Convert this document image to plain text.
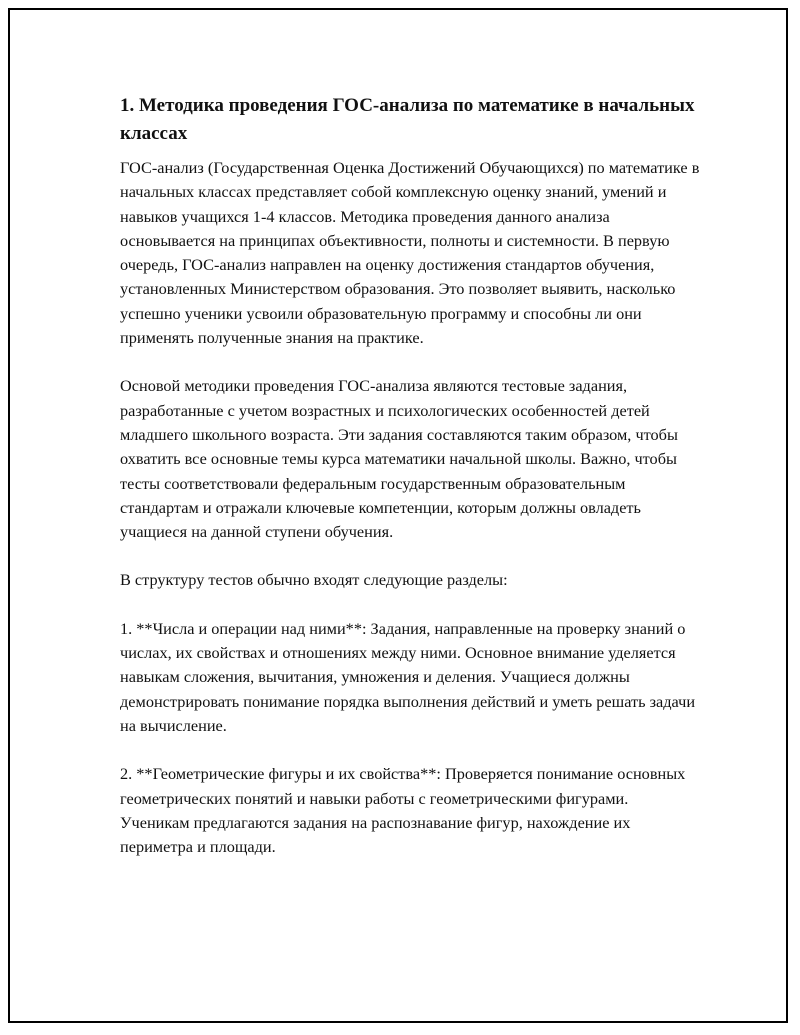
1. Методика проведения ГОС-анализа по математике в начальных классах

ГОС-анализ (Государственная Оценка Достижений Обучающихся) по математике в начальных классах представляет собой комплексную оценку знаний, умений и навыков учащихся 1-4 классов. Методика проведения данного анализа основывается на принципах объективности, полноты и системности. В первую очередь, ГОС-анализ направлен на оценку достижения стандартов обучения, установленных Министерством образования. Это позволяет выявить, насколько успешно ученики усвоили образовательную программу и способны ли они применять полученные знания на практике.

Основой методики проведения ГОС-анализа являются тестовые задания, разработанные с учетом возрастных и психологических особенностей детей младшего школьного возраста. Эти задания составляются таким образом, чтобы охватить все основные темы курса математики начальной школы. Важно, чтобы тесты соответствовали федеральным государственным образовательным стандартам и отражали ключевые компетенции, которым должны овладеть учащиеся на данной ступени обучения.

В структуру тестов обычно входят следующие разделы:

1. **Числа и операции над ними**: Задания, направленные на проверку знаний о числах, их свойствах и отношениях между ними. Основное внимание уделяется навыкам сложения, вычитания, умножения и деления. Учащиеся должны демонстрировать понимание порядка выполнения действий и уметь решать задачи на вычисление.

2. **Геометрические фигуры и их свойства**: Проверяется понимание основных геометрических понятий и навыки работы с геометрическими фигурами. Ученикам предлагаются задания на распознавание фигур, нахождение их периметра и площади.
